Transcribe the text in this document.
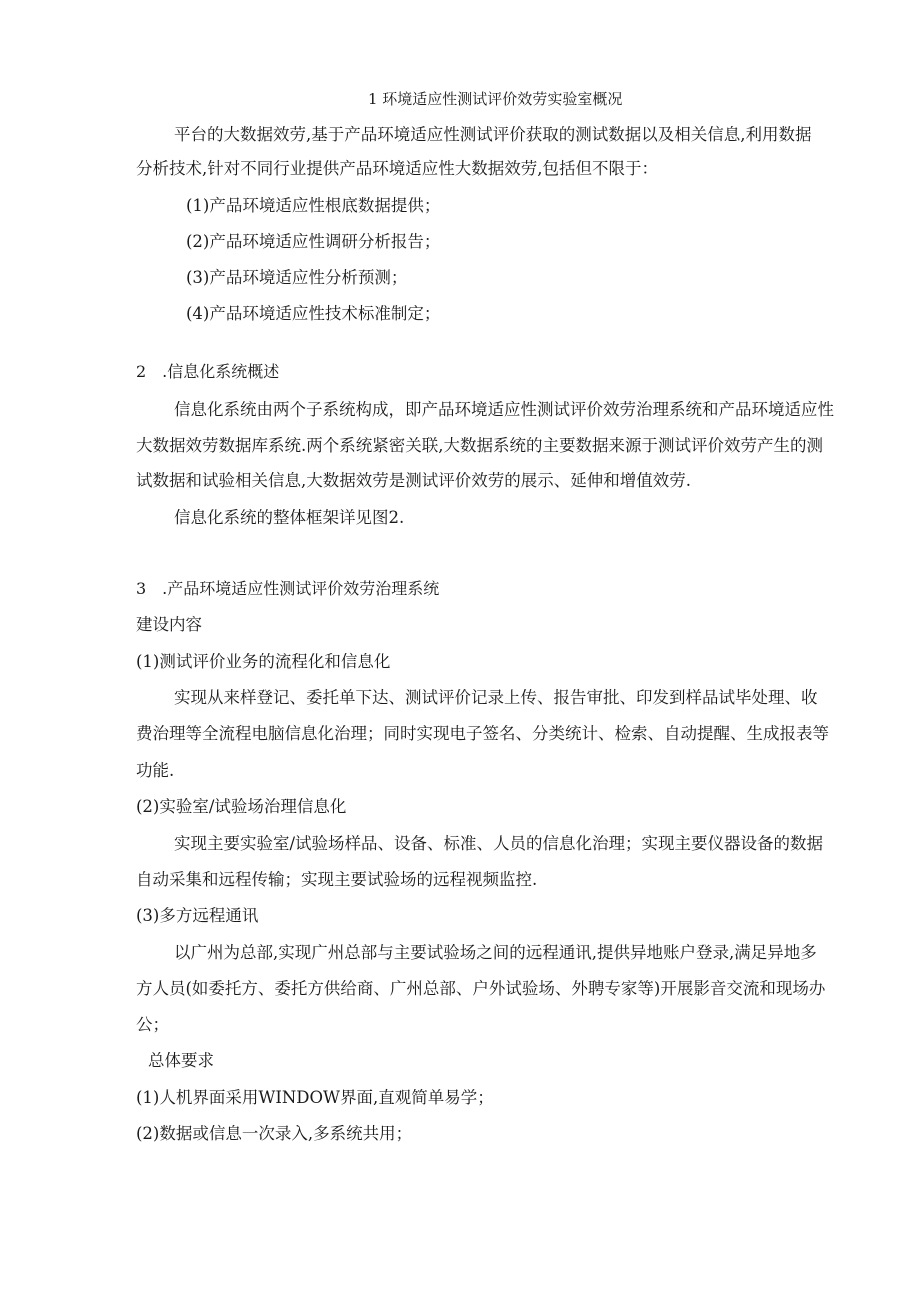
1 环境适应性测试评价效劳实验室概况
平台的大数据效劳,基于产品环境适应性测试评价获取的测试数据以及相关信息,利用数据
分析技术,针对不同行业提供产品环境适应性大数据效劳,包括但不限于：
(1)产品环境适应性根底数据提供；
(2)产品环境适应性调研分析报告；
(3)产品环境适应性分析预测；
(4)产品环境适应性技术标准制定；
2　.信息化系统概述
信息化系统由两个子系统构成，即产品环境适应性测试评价效劳治理系统和产品环境适应性
大数据效劳数据库系统.两个系统紧密关联,大数据系统的主要数据来源于测试评价效劳产生的测
试数据和试验相关信息,大数据效劳是测试评价效劳的展示、延伸和增值效劳.
信息化系统的整体框架详见图2.
3　.产品环境适应性测试评价效劳治理系统
建设内容
(1)测试评价业务的流程化和信息化
实现从来样登记、委托单下达、测试评价记录上传、报告审批、印发到样品试毕处理、收
费治理等全流程电脑信息化治理；同时实现电子签名、分类统计、检索、自动提醒、生成报表等
功能.
(2)实验室/试验场治理信息化
实现主要实验室/试验场样品、设备、标准、人员的信息化治理；实现主要仪器设备的数据
自动采集和远程传输；实现主要试验场的远程视频监控.
(3)多方远程通讯
以广州为总部,实现广州总部与主要试验场之间的远程通讯,提供异地账户登录,满足异地多
方人员(如委托方、委托方供给商、广州总部、户外试验场、外聘专家等)开展影音交流和现场办
公；
总体要求
(1)人机界面采用WINDOW界面,直观简单易学；
(2)数据或信息一次录入,多系统共用；
